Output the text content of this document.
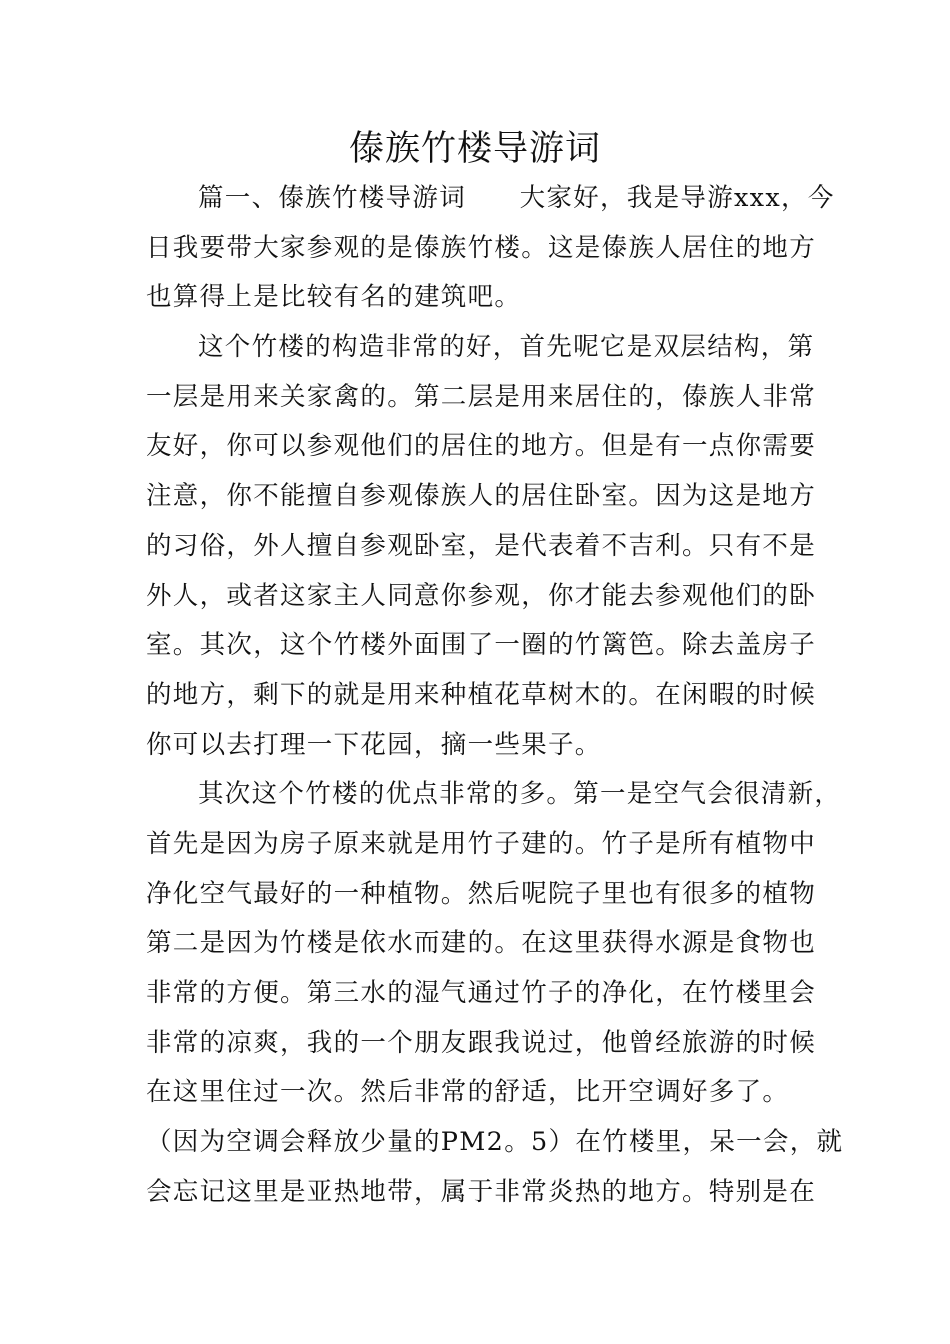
傣族竹楼导游词
篇一、傣族竹楼导游词　　大家好，我是导游xxx，今
日我要带大家参观的是傣族竹楼。这是傣族人居住的地方
也算得上是比较有名的建筑吧。
这个竹楼的构造非常的好，首先呢它是双层结构，第
一层是用来关家禽的。第二层是用来居住的，傣族人非常
友好，你可以参观他们的居住的地方。但是有一点你需要
注意，你不能擅自参观傣族人的居住卧室。因为这是地方
的习俗，外人擅自参观卧室，是代表着不吉利。只有不是
外人，或者这家主人同意你参观，你才能去参观他们的卧
室。其次，这个竹楼外面围了一圈的竹篱笆。除去盖房子
的地方，剩下的就是用来种植花草树木的。在闲暇的时候
你可以去打理一下花园，摘一些果子。
其次这个竹楼的优点非常的多。第一是空气会很清新，
首先是因为房子原来就是用竹子建的。竹子是所有植物中
净化空气最好的一种植物。然后呢院子里也有很多的植物
第二是因为竹楼是依水而建的。在这里获得水源是食物也
非常的方便。第三水的湿气通过竹子的净化，在竹楼里会
非常的凉爽，我的一个朋友跟我说过，他曾经旅游的时候
在这里住过一次。然后非常的舒适，比开空调好多了。
（因为空调会释放少量的PM2。5）在竹楼里，呆一会，就
会忘记这里是亚热地带，属于非常炎热的地方。特别是在
